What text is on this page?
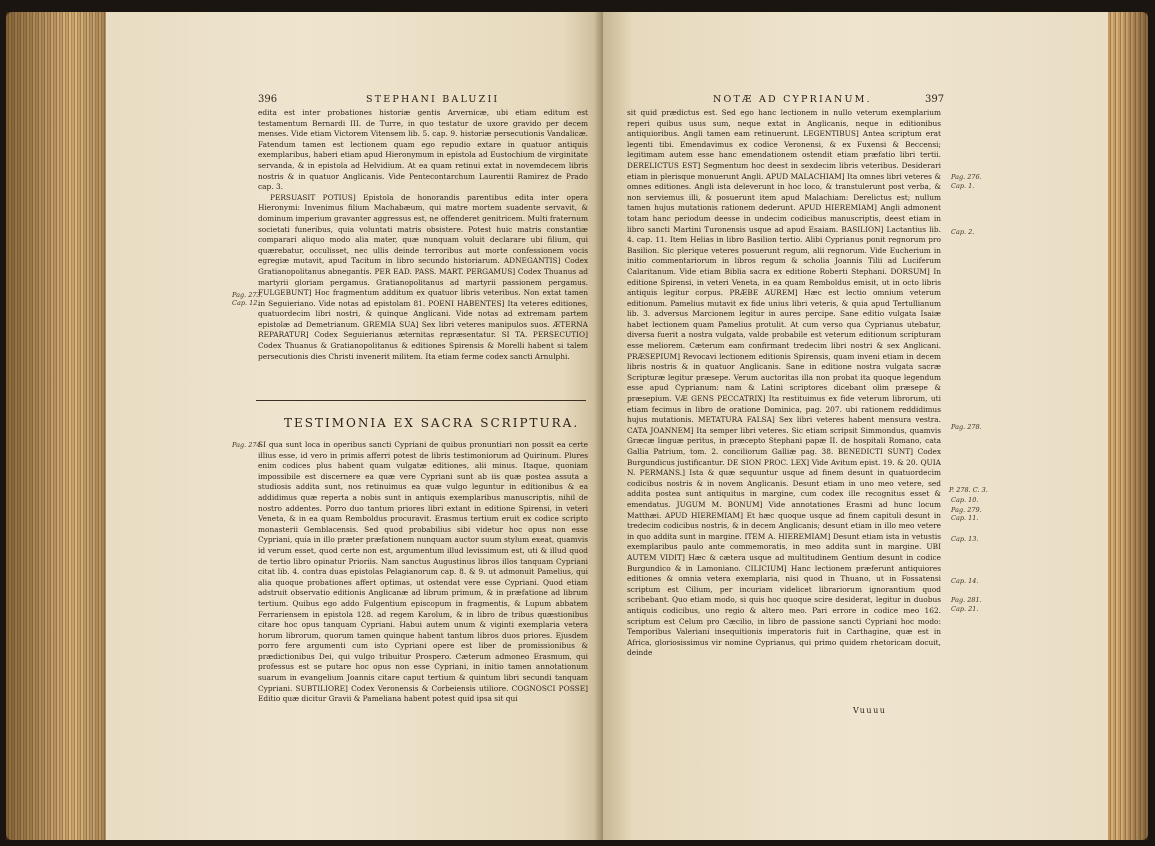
396	STEPHANI BALUZII

edita est inter probationes historiæ gentis Arvernicæ, ubi etiam editum est testamentum Bernardi III. de Turre, in quo testatur de uxore gravido per decem menses. Vide etiam Victorem Vitensem lib. 5. cap. 9. historiæ persecutionis Vandalicæ. Fatendum tamen est lectionem quam ego repudio extare in quatuor antiquis exemplaribus, haberi etiam apud Hieronymum in epistola ad Eustochium de virginitate servanda, & in epistola ad Helvidium. At ea quam retinui extat in novemdecem libris nostris & in quatuor Anglicanis. Vide Pentecontarchum Laurentii Ramirez de Prado cap. 3.

PERSUASIT POTIUS] Epistola de honorandis parentibus edita inter opera Hieronymi: Invenimus filium Machabæum, qui matre mortem suadente servavit, & dominum imperium gravanter aggressus est, ne offenderet genitricem. Multi fraternum societati funeribus, quia voluntati matris obsistere. Potest huic matris constantiæ comparari aliquo modo alia mater, quæ nunquam voluit declarare ubi filium, qui quærebatur, occulisset, nec ullis deinde terroribus aut morte confessionem vocis egregiæ mutavit, apud Tacitum in libro secundo historiarum. ADNEGANTIS] Codex Gratianopolitanus abnegantis. PER EAD. PASS. MART. PERGAMUS] Codex Thuanus ad martyrii gloriam pergamus. Gratianopolitanus ad martyrii passionem pergamus. FULGEBUNT] Hoc fragmentum additum ex quatuor libris veteribus. Non extat tamen in Seguieriano. Vide notas ad epistolam 81. POENI HABENTES] Ita veteres editiones, quatuordecim libri nostri, & quinque Anglicani. Vide notas ad extremam partem epistolæ ad Demetrianum. GREMIA SUA] Sex libri veteres manipulos suos. ÆTERNA REPARATUR] Codex Seguierianus æternitas repræsentatur. SI TA. PERSECUTIO] Codex Thuanus & Gratianopolitanus & editiones Spirensis & Morelli habent si talem persecutionis dies Christi invenerit militem. Ita etiam ferme codex sancti Arnulphi.

Pag. 273.
Cap. 12.
TESTIMONIA EX SACRA SCRIPTURA.
Pag. 274.

SI qua sunt loca in operibus sancti Cypriani de quibus pronuntiari non possit ea certe illius esse, id vero in primis afferri potest de libris testimoniorum ad Quirinum. Plures enim codices plus habent quam vulgatæ editiones, alii minus. Itaque, quoniam impossibile est discernere ea quæ vere Cypriani sunt ab iis quæ postea assuta a studiosis addita sunt, nos retinuimus ea quæ vulgo leguntur in editionibus & ea addidimus quæ reperta a nobis sunt in antiquis exemplaribus manuscriptis, nihil de nostro addentes. Porro duo tantum priores libri extant in editione Spirensi, in veteri Veneta, & in ea quam Remboldus procuravit. Erasmus tertium eruit ex codice scripto monasterii Gemblacensis. Sed quod probabilius sibi videtur hoc opus non esse Cypriani, quia in illo præter præfationem nunquam auctor suum stylum exeat, quamvis id verum esset, quod certe non est, argumentum illud levissimum est, uti & illud quod de tertio libro opinatur Prioriis. Nam sanctus Augustinus libros illos tanquam Cypriani citat lib. 4. contra duas epistolas Pelagianorum cap. 8. & 9. ut admonuit Pamelius, qui alia quoque probationes affert optimas, ut ostendat vere esse Cypriani. Quod etiam adstruit observatio editionis Anglicanæ ad librum primum, & in præfatione ad librum tertium. Quibus ego addo Fulgentium episcopum in fragmentis, & Lupum abbatem Ferrariensem in epistola 128. ad regem Karolum, & in libro de tribus quæstionibus citare hoc opus tanquam Cypriani. Habui autem unum & viginti exemplaria vetera horum librorum, quorum tamen quinque habent tantum libros duos priores. Ejusdem porro fere argumenti cum isto Cypriani opere est liber de promissionibus & prædictionibus Dei, qui vulgo tribuitur Prospero. Cæterum admoneo Erasmum, qui professus est se putare hoc opus non esse Cypriani, in initio tamen annotationum suarum in evangelium Joannis citare caput tertium & quintum libri secundi tanquam Cypriani. SUBTILIORE] Codex Veronensis & Corbeiensis utiliore. COGNOSCI POSSE] Editio quæ dicitur Gravii & Pameliana habent potest quid ipsa sit qui

NOTÆ AD CYPRIANUM.	397

sit quid prædictus est. Sed ego hanc lectionem in nullo veterum exemplarium reperi quibus usus sum, neque extat in Anglicanis, neque in editionibus antiquioribus. Angli tamen eam retinuerunt. LEGENTIBUS] Antea scriptum erat legenti tibi. Emendavimus ex codice Veronensi, & ex Fuxensi & Beccensi; legitimam autem esse hanc emendationem ostendit etiam præfatio libri tertii. DERELICTUS EST] Segmentum hoc deest in sexdecim libris veteribus. Desiderari etiam in plerisque monuerunt Angli. APUD MALACHIAM] Ita omnes libri veteres & omnes editiones. Angli ista deleverunt in hoc loco, & transtulerunt post verba, & non serviemus illi, & posuerunt item apud Malachiam: Derelictus est; nullum tamen hujus mutationis rationem dederunt. APUD HIEREMIAM] Angli admonent totam hanc periodum deesse in undecim codicibus manuscriptis, deest etiam in libro sancti Martini Turonensis usque ad apud Esaiam. BASILION] Lactantius lib. 4. cap. 11. Item Helias in libro Basilion tertio. Alibi Cyprianus ponit regnorum pro Basilion. Sic plerique veteres posuerunt regum, alii regnorum. Vide Eucherium in initio commentariorum in libros regum & scholia Joannis Tilii ad Luciferum Calaritanum. Vide etiam Biblia sacra ex editione Roberti Stephani. DORSUM] In editione Spirensi, in veteri Veneta, in ea quam Remboldus emisit, ut in octo libris antiquis legitur corpus. PRÆBE AUREM] Hæc est lectio omnium veterum editionum. Pamelius mutavit ex fide unius libri veteris, & quia apud Tertullianum lib. 3. adversus Marcionem legitur in aures percipe. Sane editio vulgata Isaiæ habet lectionem quam Pamelius protulit. At cum verso qua Cyprianus utebatur, diversa fuerit a nostra vulgata, valde probabile est veterum editionum scripturam esse meliorem. Cæterum eam confirmant tredecim libri nostri & sex Anglicani. PRÆSEPIUM] Revocavi lectionem editionis Spirensis, quam inveni etiam in decem libris nostris & in quatuor Anglicanis. Sane in editione nostra vulgata sacræ Scripturæ legitur præsepe. Verum auctoritas illa non probat ita quoque legendum esse apud Cyprianum: nam & Latini scriptores dicebant olim præsepe & præsepium. VÆ GENS PECCATRIX] Ita restituimus ex fide veterum librorum, uti etiam fecimus in libro de oratione Dominica, pag. 207. ubi rationem reddidimus hujus mutationis. METATURA FALSA] Sex libri veteres habent mensura vestra. CATA JOANNEM] Ita semper libri veteres. Sic etiam scripsit Simmondus, quamvis Græcæ linguæ peritus, in præcepto Stephani papæ II. de hospitali Romano, cata Gallia Patrium, tom. 2. conciliorum Galliæ pag. 38. BENEDICTI SUNT] Codex Burgundicus justificantur. DE SION PROC. LEX] Vide Avitum epist. 19. & 20. QUIA N. PERMANS.] Ista & quæ sequuntur usque ad finem desunt in quatuordecim codicibus nostris & in novem Anglicanis. Desunt etiam in uno meo vetere, sed addita postea sunt antiquitus in margine, cum codex ille recognitus esset & emendatus. JUGUM M. BONUM] Vide annotationes Erasmi ad hunc locum Matthæi. APUD HIEREMIAM] Et hæc quoque usque ad finem capituli desunt in tredecim codicibus nostris, & in decem Anglicanis; desunt etiam in illo meo vetere in quo addita sunt in margine. ITEM A. HIEREMIAM] Desunt etiam ista in vetustis exemplaribus paulo ante commemoratis, in meo addita sunt in margine. UBI AUTEM VIDIT] Hæc & cætera usque ad multitudinem Gentium desunt in codice Burgundico & in Lamoniano. CILICIUM] Hanc lectionem præferunt antiquiores editiones & omnia vetera exemplaria, nisi quod in Thuano, ut in Fossatensi scriptum est Cilium, per incuriam videlicet librariorum ignorantium quod scribebant. Quo etiam modo, si quis hoc quoque scire desiderat, legitur in duobus antiquis codicibus, uno regio & altero meo. Pari errore in codice meo 162. scriptum est Celum pro Cæcilio, in libro de passione sancti Cypriani hoc modo: Temporibus Valeriani insequitionis imperatoris fuit in Carthagine, quæ est in Africa, gloriosissimus vir nomine Cyprianus, qui primo quidem rhetoricam docuit, deinde

Vuuuu
Pag. 276.
Cap. 1.
Cap. 2.
Pag. 278.
P. 278. C. 3.
Cap. 10.
Pag. 279.
Cap. 11.
Cap. 13.
Cap. 14.
Pag. 281.
Cap. 21.
